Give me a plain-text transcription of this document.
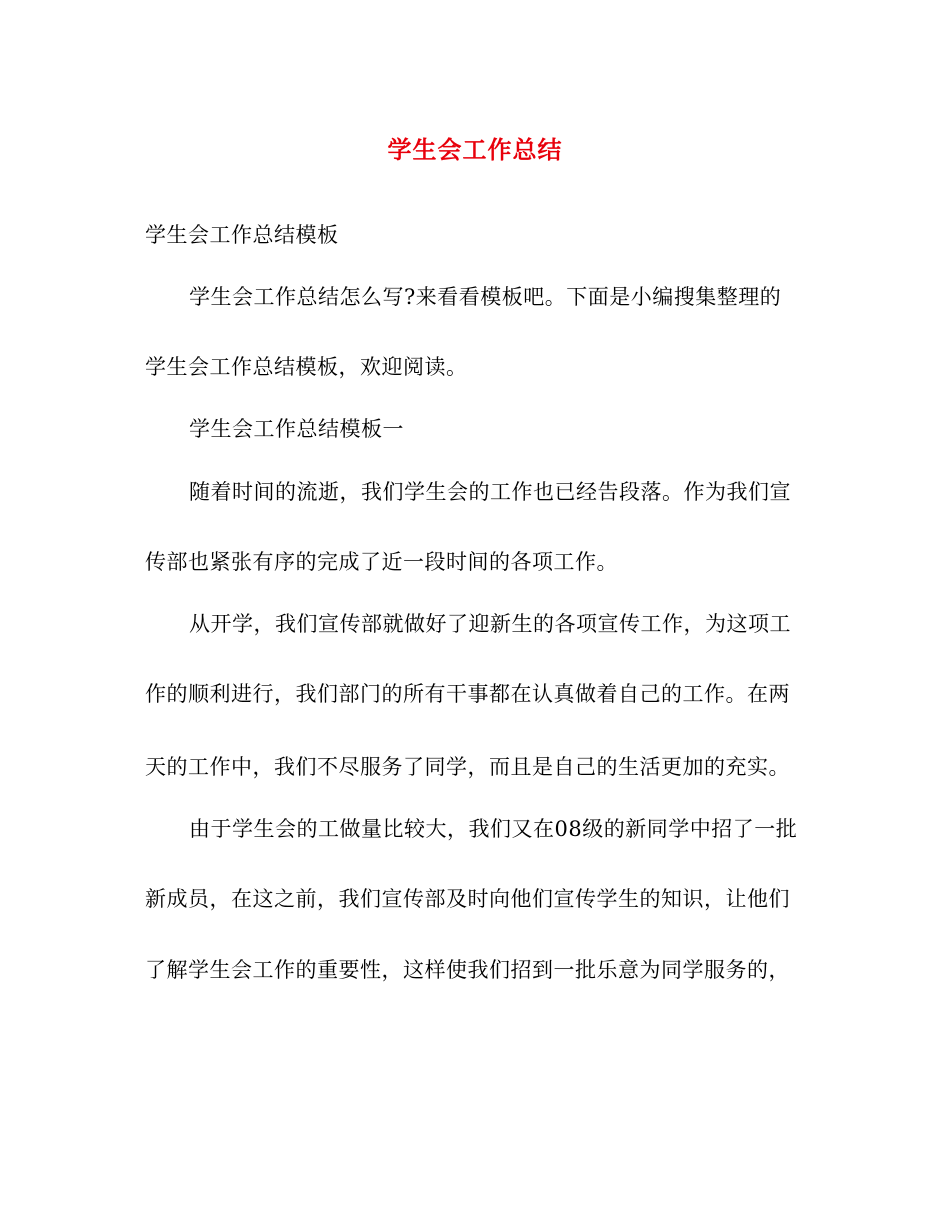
学生会工作总结
学生会工作总结模板
学生会工作总结怎么写?来看看模板吧。下面是小编搜集整理的
学生会工作总结模板，欢迎阅读。
学生会工作总结模板一
随着时间的流逝，我们学生会的工作也已经告段落。作为我们宣
传部也紧张有序的完成了近一段时间的各项工作。
从开学，我们宣传部就做好了迎新生的各项宣传工作，为这项工
作的顺利进行，我们部门的所有干事都在认真做着自己的工作。在两
天的工作中，我们不尽服务了同学，而且是自己的生活更加的充实。
由于学生会的工做量比较大，我们又在08级的新同学中招了一批
新成员，在这之前，我们宣传部及时向他们宣传学生的知识，让他们
了解学生会工作的重要性，这样使我们招到一批乐意为同学服务的，
